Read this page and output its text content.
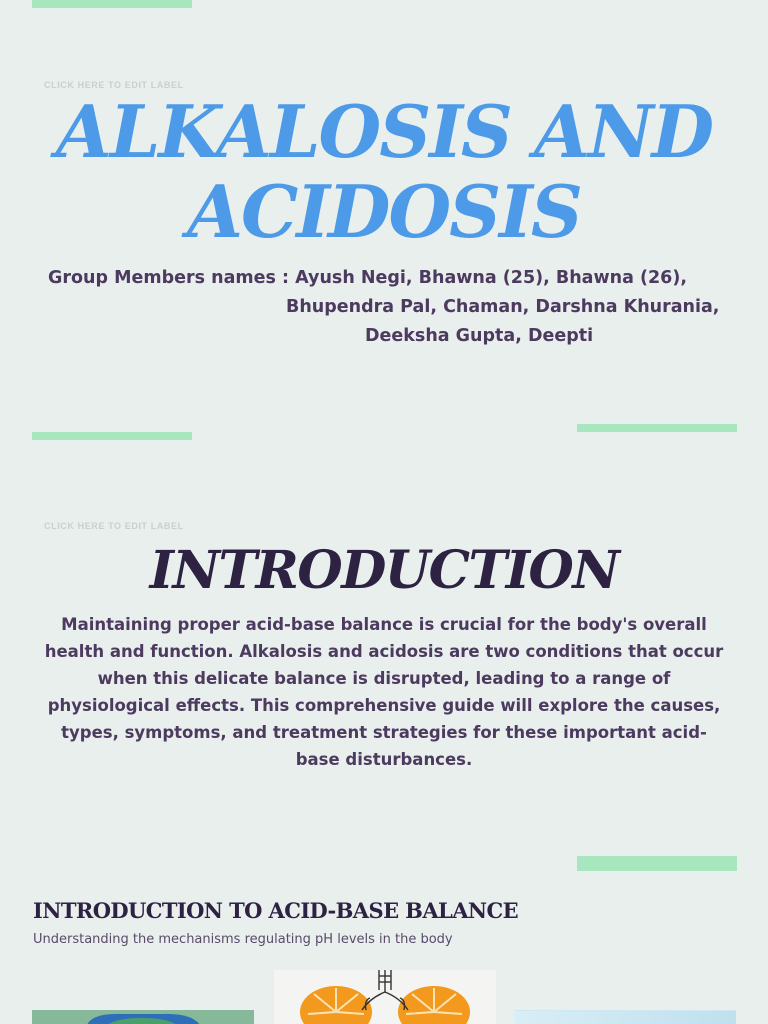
CLICK HERE TO EDIT LABEL
ALKALOSIS AND
ACIDOSIS
Group Members names : Ayush Negi, Bhawna (25), Bhawna (26),
Bhupendra Pal, Chaman, Darshna Khurania,
Deeksha Gupta, Deepti
CLICK HERE TO EDIT LABEL
INTRODUCTION
Maintaining proper acid-base balance is crucial for the body's overall health and function. Alkalosis and acidosis are two conditions that occur when this delicate balance is disrupted, leading to a range of physiological effects. This comprehensive guide will explore the causes, types, symptoms, and treatment strategies for these important acid-base disturbances.
INTRODUCTION TO ACID-BASE BALANCE
Understanding the mechanisms regulating pH levels in the body
